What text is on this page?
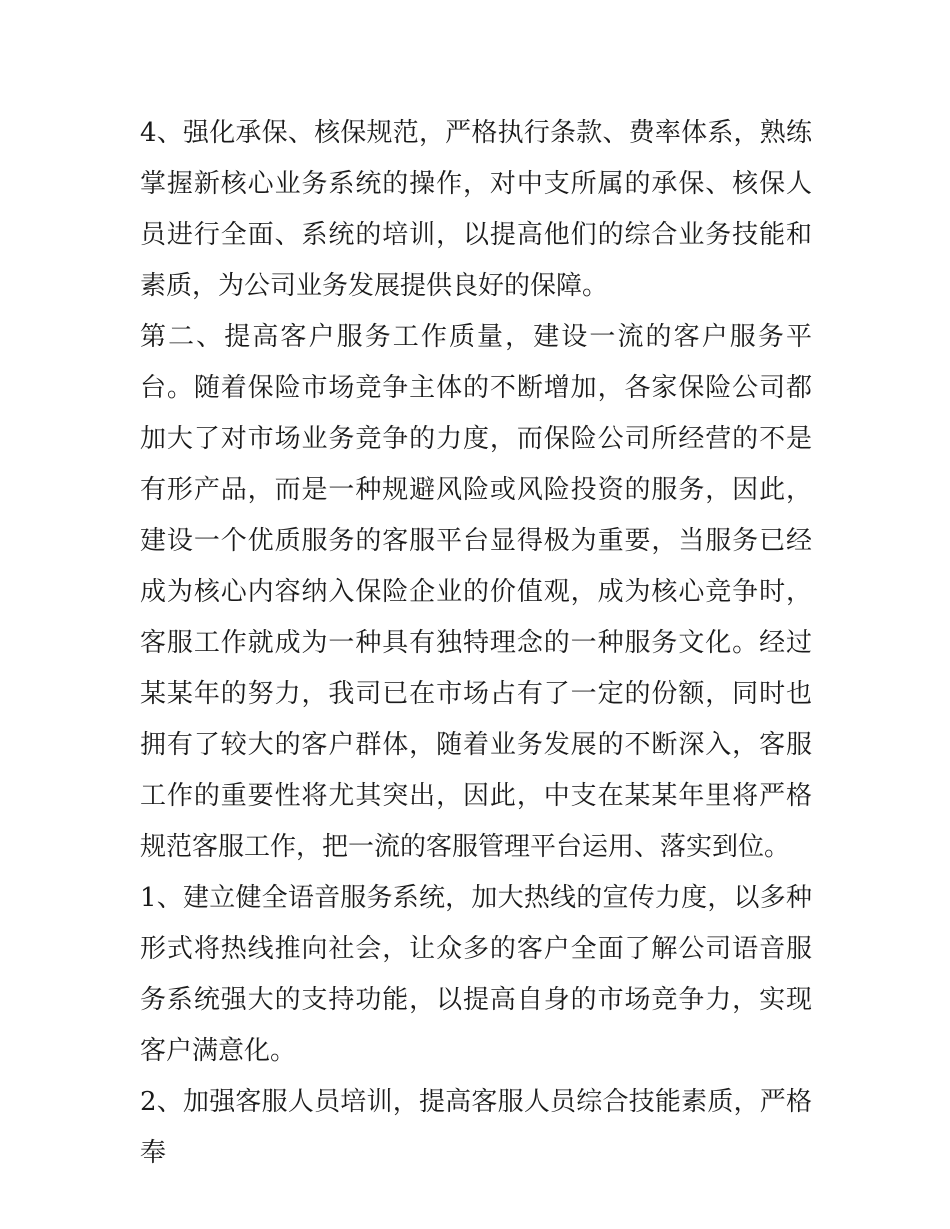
4、强化承保、核保规范，严格执行条款、费率体系，熟练掌握新核心业务系统的操作，对中支所属的承保、核保人员进行全面、系统的培训，以提高他们的综合业务技能和素质，为公司业务发展提供良好的保障。

第二、提高客户服务工作质量，建设一流的客户服务平台。随着保险市场竞争主体的不断增加，各家保险公司都加大了对市场业务竞争的力度，而保险公司所经营的不是有形产品，而是一种规避风险或风险投资的服务，因此，建设一个优质服务的客服平台显得极为重要，当服务已经成为核心内容纳入保险企业的价值观，成为核心竞争时，客服工作就成为一种具有独特理念的一种服务文化。经过某某年的努力，我司已在市场占有了一定的份额，同时也拥有了较大的客户群体，随着业务发展的不断深入，客服工作的重要性将尤其突出，因此，中支在某某年里将严格规范客服工作，把一流的客服管理平台运用、落实到位。

1、建立健全语音服务系统，加大热线的宣传力度，以多种形式将热线推向社会，让众多的客户全面了解公司语音服务系统强大的支持功能，以提高自身的市场竞争力，实现客户满意化。

2、加强客服人员培训，提高客服人员综合技能素质，严格奉
